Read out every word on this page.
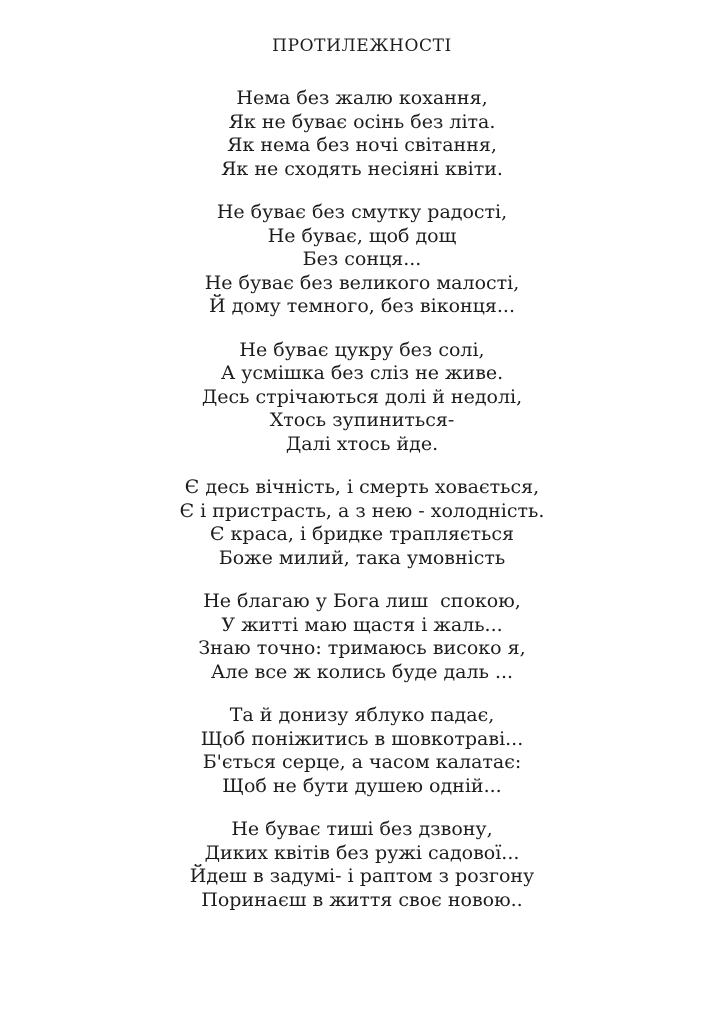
ПРОТИЛЕЖНОСТІ

Нема без жалю кохання,

Як не буває осінь без літа.

Як нема без ночі світання,

Як не сходять несіяні квіти.

Не буває без смутку радості,

Не буває, щоб дощ

Без сонця...

Не буває без великого малості,

Й дому темного, без віконця...

Не буває цукру без солі,

А усмішка без сліз не живе.

Десь стрічаються долі й недолі,

Хтось зупиниться-

Далі хтось йде.

Є десь вічність, і смерть ховається,

Є і пристрасть, а з нею - холодність.

Є краса, і бридке трапляється

Боже милий, така умовність

Не благаю у Бога лиш  спокою,

У житті маю щастя і жаль...

Знаю точно: тримаюсь високо я,

Але все ж колись буде даль ...

Та й донизу яблуко падає,

Щоб поніжитись в шовкотраві...

Б'ється серце, а часом калатає:

Щоб не бути душею одній...

Не буває тиші без дзвону,

Диких квітів без ружі садової...

Йдеш в задумі- і раптом з розгону

Поринаєш в життя своє новою..
